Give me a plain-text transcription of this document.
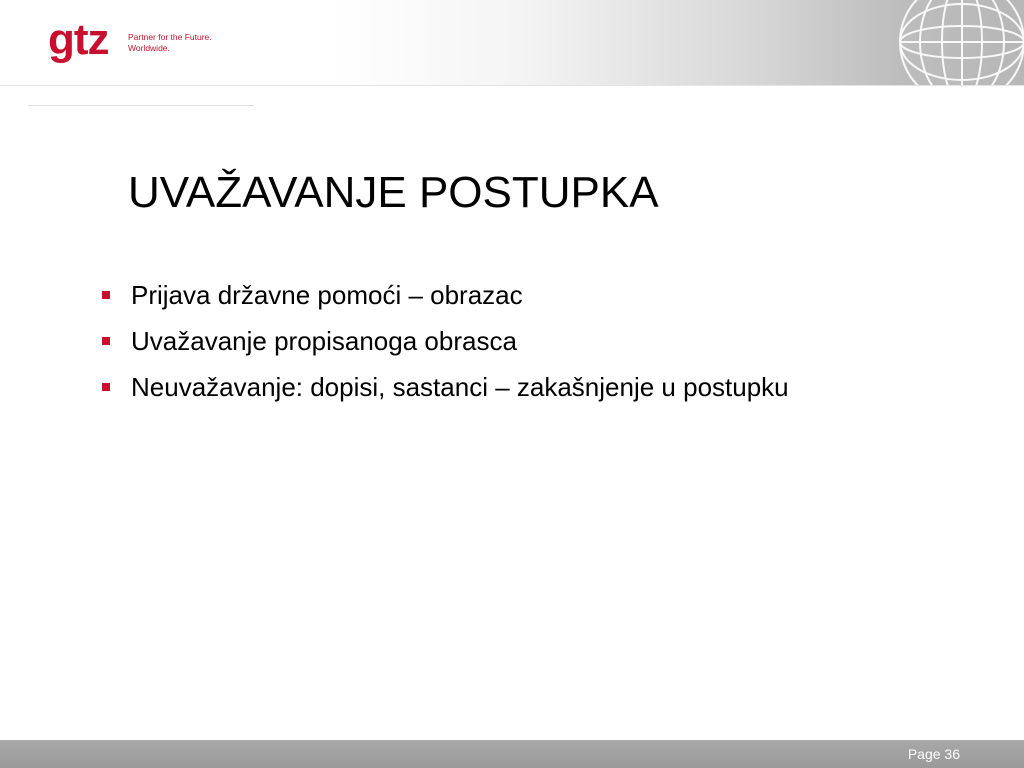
gtz Partner for the Future.
Worldwide.
UVAŽAVANJE POSTUPKA
Prijava državne pomoći – obrazac
Uvažavanje propisanoga obrasca
Neuvažavanje: dopisi, sastanci – zakašnjenje u postupku
Page 36
